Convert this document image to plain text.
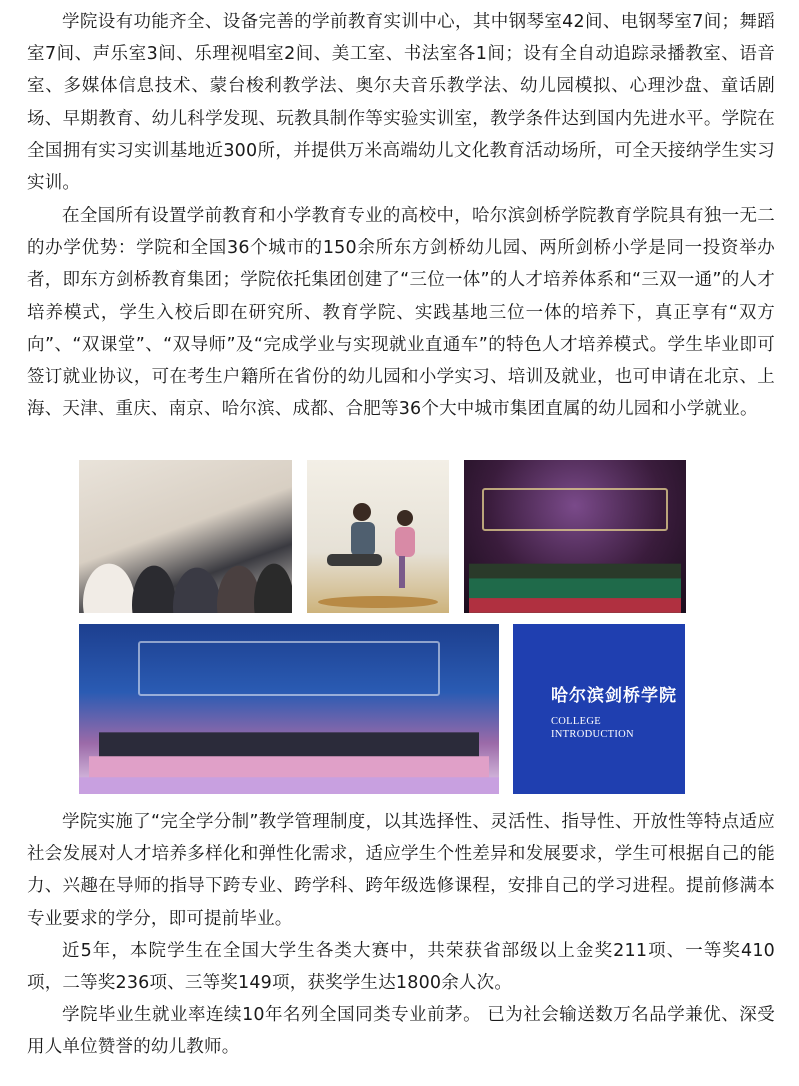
学院设有功能齐全、设备完善的学前教育实训中心，其中钢琴室42间、电钢琴室7间；舞蹈室7间、声乐室3间、乐理视唱室2间、美工室、书法室各1间；设有全自动追踪录播教室、语音室、多媒体信息技术、蒙台梭利教学法、奥尔夫音乐教学法、幼儿园模拟、心理沙盘、童话剧场、早期教育、幼儿科学发现、玩教具制作等实验实训室，教学条件达到国内先进水平。学院在全国拥有实习实训基地近300所，并提供万米高端幼儿文化教育活动场所，可全天接纳学生实习实训。

在全国所有设置学前教育和小学教育专业的高校中，哈尔滨剑桥学院教育学院具有独一无二的办学优势：学院和全国36个城市的150余所东方剑桥幼儿园、两所剑桥小学是同一投资举办者，即东方剑桥教育集团；学院依托集团创建了“三位一体”的人才培养体系和“三双一通”的人才培养模式，学生入校后即在研究所、教育学院、实践基地三位一体的培养下，真正享有“双方向”、“双课堂”、“双导师”及“完成学业与实现就业直通车”的特色人才培养模式。学生毕业即可签订就业协议，可在考生户籍所在省份的幼儿园和小学实习、培训及就业，也可申请在北京、上海、天津、重庆、南京、哈尔滨、成都、合肥等36个大中城市集团直属的幼儿园和小学就业。

哈尔滨剑桥学院
COLLEGE
INTRODUCTION

学院实施了“完全学分制”教学管理制度，以其选择性、灵活性、指导性、开放性等特点适应社会发展对人才培养多样化和弹性化需求，适应学生个性差异和发展要求，学生可根据自己的能力、兴趣在导师的指导下跨专业、跨学科、跨年级选修课程，安排自己的学习进程。提前修满本专业要求的学分，即可提前毕业。

近5年，本院学生在全国大学生各类大赛中，共荣获省部级以上金奖211项、一等奖410项，二等奖236项、三等奖149项，获奖学生达1800余人次。

学院毕业生就业率连续10年名列全国同类专业前茅。 已为社会输送数万名品学兼优、深受用人单位赞誉的幼儿教师。
